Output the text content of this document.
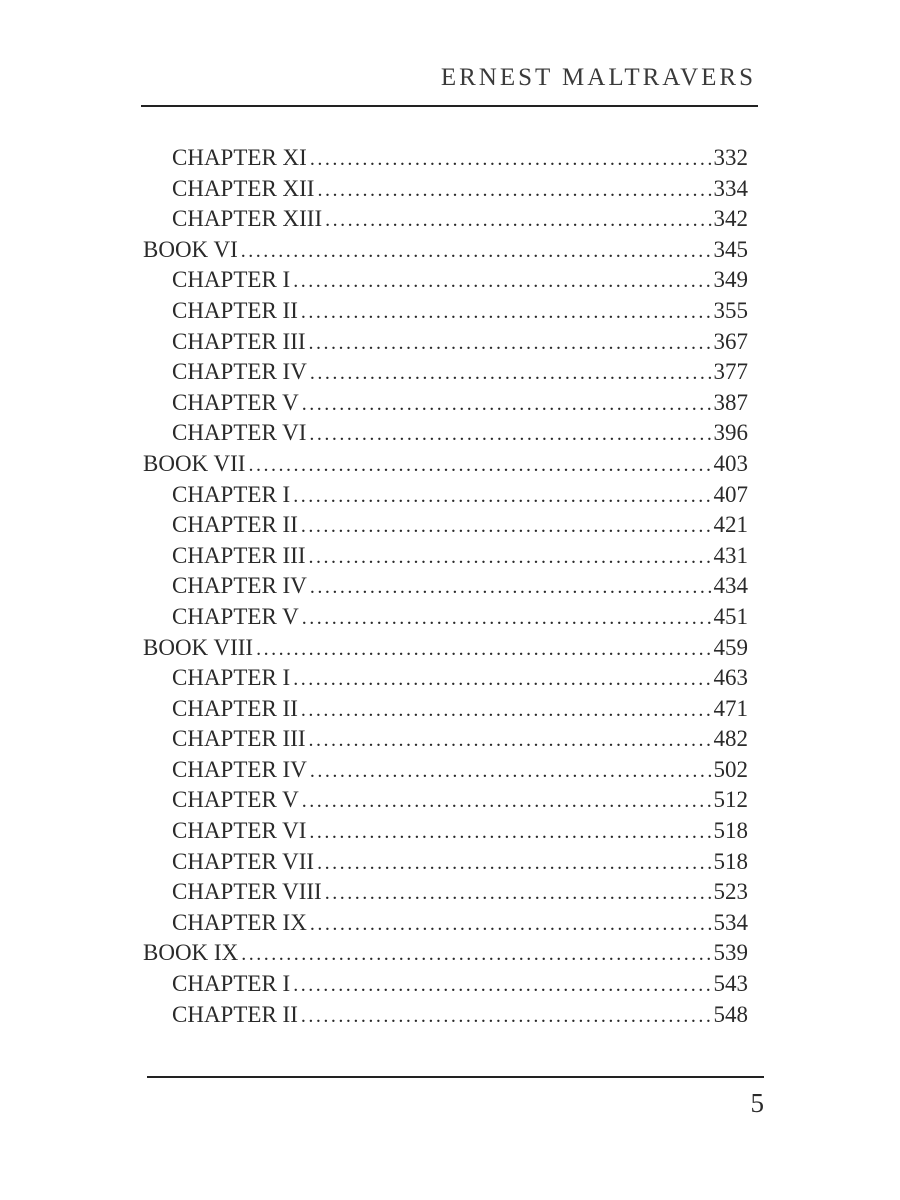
ERNEST MALTRAVERS
CHAPTER XI .....	332
CHAPTER XII .....	334
CHAPTER XIII .....	342
BOOK VI .....	345
CHAPTER I .....	349
CHAPTER II .....	355
CHAPTER III .....	367
CHAPTER IV .....	377
CHAPTER V .....	387
CHAPTER VI .....	396
BOOK VII .....	403
CHAPTER I .....	407
CHAPTER II .....	421
CHAPTER III .....	431
CHAPTER IV .....	434
CHAPTER V .....	451
BOOK VIII .....	459
CHAPTER I .....	463
CHAPTER II .....	471
CHAPTER III .....	482
CHAPTER IV .....	502
CHAPTER V .....	512
CHAPTER VI .....	518
CHAPTER VII .....	518
CHAPTER VIII .....	523
CHAPTER IX .....	534
BOOK IX .....	539
CHAPTER I .....	543
CHAPTER II .....	548
5
